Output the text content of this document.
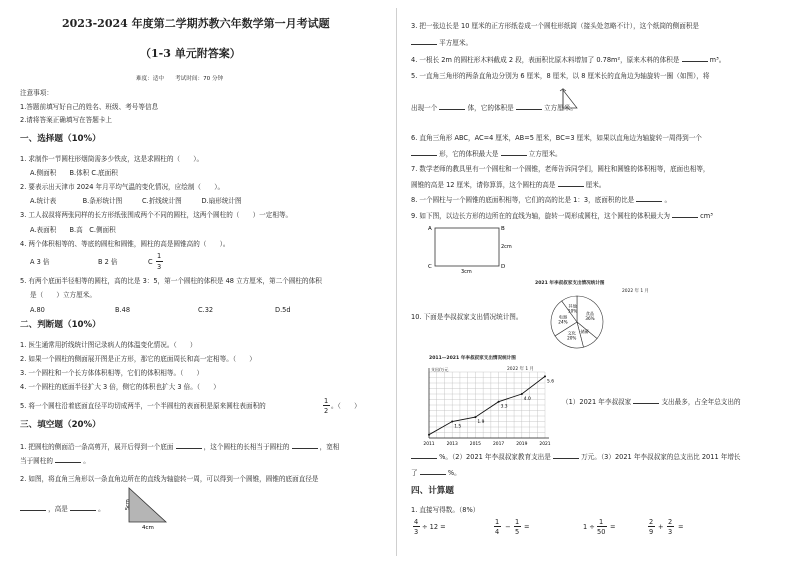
2023-2024 年度第二学期苏教六年数学第一月考试题
（1-3 单元附答案）
难度：适中　　考试时间：70 分钟
注意事项：
1.答题前填写好自己的姓名、班级、考号等信息
2.请将答案正确填写在答题卡上
一、选择题（10%）
1. 求制作一节圆柱形烟筒需多少铁皮，这是求圆柱的（　　）。
A.侧面积　　B.体积 C.底面积
2. 要表示出天津市 2024 年月平均气温的变化情况，应绘制（　　）。
A.统计表　　　　B.条形统计图　　　C.折线统计图　　　D.扇形统计图
3. 工人叔叔将两张同样的长方形纸张围成两个不同的圆柱，这两个圆柱的（　　）一定相等。
A.表面积　　B.高　C.侧面积
4. 两个体积相等的、等底的圆柱和圆锥，圆柱的高是圆锥高的（　　）。
A 3 倍	B 2 倍	C
1
3
5. 有两个底面半径相等的圆柱，高的比是 3：5，第一个圆柱的体积是 48 立方厘米，第二个圆柱的体积
是（　　）立方厘米。
A.80	B.48	C.32	D.5d
二、判断题（10%）
1. 医生通常用折线统计图记录病人的体温变化情况。（　　）
2. 如果一个圆柱的侧面展开图是正方形，那它的底面周长和高一定相等。（　　）
3. 一个圆柱和一个长方体体积相等，它们的体积相等。（　　）
4. 一个圆柱的底面半径扩大 3 倍，侧它的体积也扩大 3 倍。（　　）
5. 将一个圆柱沿着底面直径平均切成两半，一个半圆柱的表面积是原来圆柱表面积的
1
2
。（　　）
三、填空题（20%）
1. 把圆柱的侧面沿一条高剪开，展开后得到一个底面	，这个圆柱的长相当于圆柱的	，宽相
当于圆柱的	。
2. 如图，将直角三角形以一条直角边所在的直线为轴旋转一周，可以得到一个圆锥，圆锥的底面直径是
，高是	。	5cm
4cm
3. 把一张边长是 10 厘米的正方形纸卷成一个圆柱形纸筒（接头处忽略不计），这个纸筒的侧面积是
平方厘米。
4. 一根长 2m 的圆柱形木料截成 2 段，表面积比原木料增加了 0.78m²，原来木料的体积是	m³。
5. 一直角三角形的两条直角边分别为 6 厘米，8 厘米，以 8 厘米长的直角边为轴旋转一圈（如图），将
出现一个	体，它的体积是	立方厘米。
6. 直角三角形 ABC，AC=4 厘米，AB=5 厘米，BC=3 厘米，如果以直角边为轴旋转一周得到一个
形，它的体积最大是	立方厘米。
7. 数学老师的教具里有一个圆柱和一个圆锥，老师告诉同学们，圆柱和圆锥的体积相等，底面也相等，
圆锥的高是 12 厘米，请你算算，这个圆柱的高是	厘米。
8. 一个圆柱与一个圆锥的底面积相等，它们的高的比是 1：3，底面积的比是	。
9. 如下图，以边长方形的边所在的直线为轴，旋转一周形成圆柱，这个圆柱的体积最大为	cm³
A	B
C	D
2cm
3cm
2021 年李叔叔家支出情况统计图
2022 年 1 月
食品
36%
储蓄
文化
20%
电器
24%
其他
10%
10. 下面是李叔叔家支出情况统计图。
2011—2021 年李叔叔家支出情况统计图
2022 年 1 月
支出/万元
2011	2013	2015	2017	2019	2021
1.5
1.9
3.3
4.0
5.6
（1）2021 年李叔叔家	支出最多，占全年总支出的
%。（2）2021 年李叔叔家教育支出是	万元。（3）2021 年李叔叔家的总支出比 2011 年增长
了	%。
四、计算题
1. 直接写得数。（8%）
4
3
÷ 12 =
1
4
−
1
5
=	1 ÷
1
50
=
2
9
+
2
3
=
